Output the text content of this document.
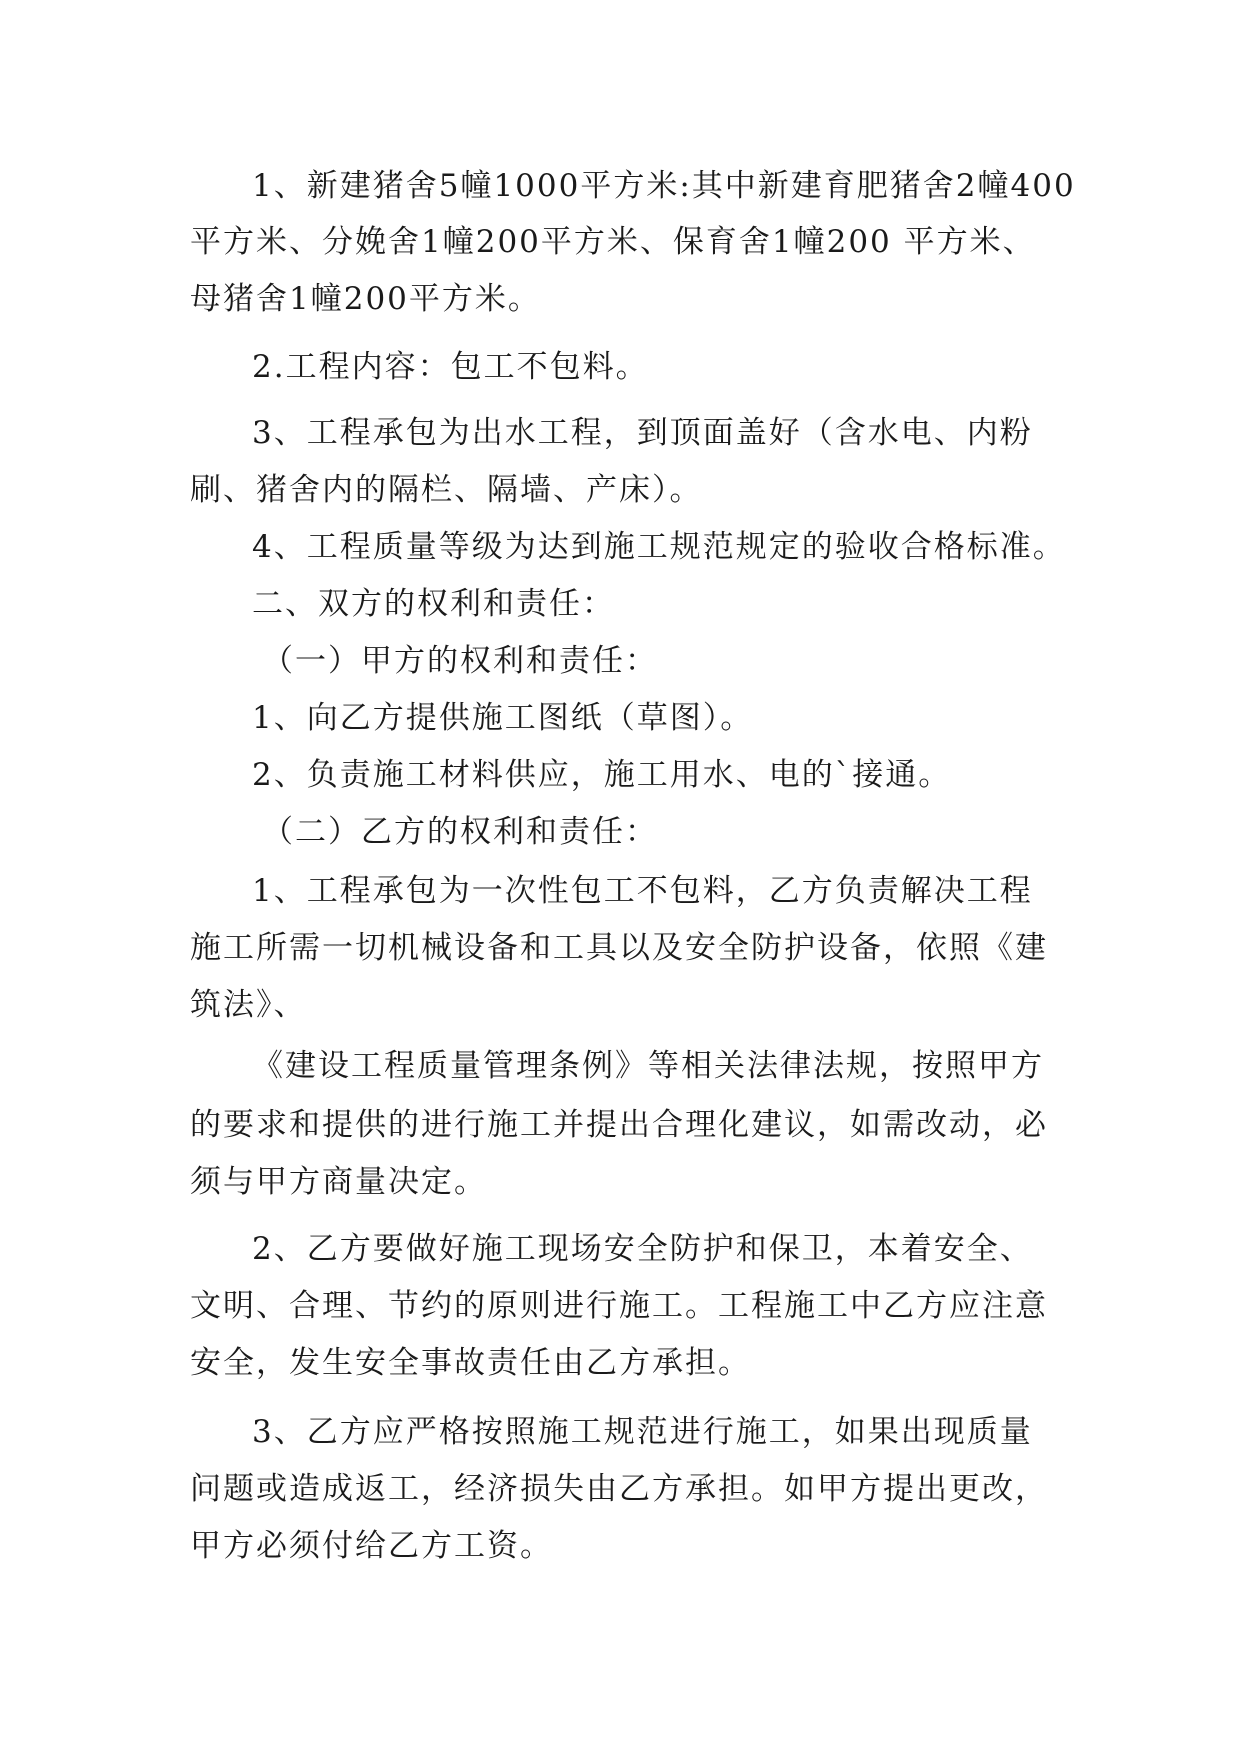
1、新建猪舍5幢1000平方米:其中新建育肥猪舍2幢400
平方米、分娩舍1幢200平方米、保育舍1幢200 平方米、
母猪舍1幢200平方米。
2.工程内容：包工不包料。
3、工程承包为出水工程，到顶面盖好（含水电、内粉
刷、猪舍内的隔栏、隔墙、产床）。
4、工程质量等级为达到施工规范规定的验收合格标准。
二、双方的权利和责任：
（一）甲方的权利和责任：
1、向乙方提供施工图纸（草图）。
2、负责施工材料供应，施工用水、电的`接通。
（二）乙方的权利和责任：
1、工程承包为一次性包工不包料，乙方负责解决工程
施工所需一切机械设备和工具以及安全防护设备，依照《建
筑法》、
《建设工程质量管理条例》等相关法律法规，按照甲方
的要求和提供的进行施工并提出合理化建议，如需改动，必
须与甲方商量决定。
2、乙方要做好施工现场安全防护和保卫，本着安全、
文明、合理、节约的原则进行施工。工程施工中乙方应注意
安全，发生安全事故责任由乙方承担。
3、乙方应严格按照施工规范进行施工，如果出现质量
问题或造成返工，经济损失由乙方承担。如甲方提出更改，
甲方必须付给乙方工资。
